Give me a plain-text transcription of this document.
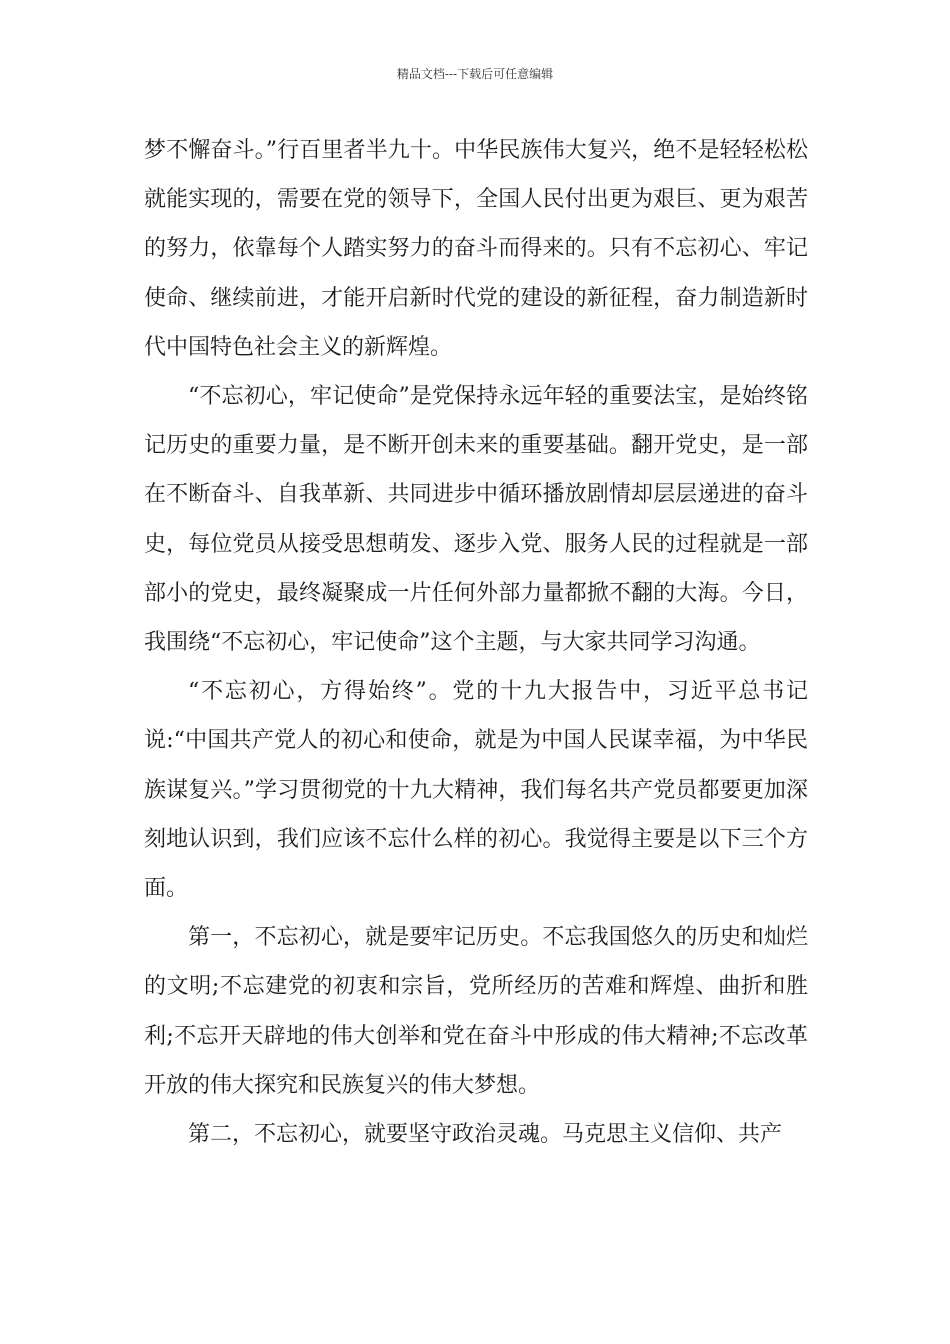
精品文档---下载后可任意编辑

梦不懈奋斗。”行百里者半九十。中华民族伟大复兴，绝不是轻轻松松就能实现的，需要在党的领导下，全国人民付出更为艰巨、更为艰苦的努力，依靠每个人踏实努力的奋斗而得来的。只有不忘初心、牢记使命、继续前进，才能开启新时代党的建设的新征程，奋力制造新时代中国特色社会主义的新辉煌。

“不忘初心，牢记使命”是党保持永远年轻的重要法宝，是始终铭记历史的重要力量，是不断开创未来的重要基础。翻开党史，是一部在不断奋斗、自我革新、共同进步中循环播放剧情却层层递进的奋斗史，每位党员从接受思想萌发、逐步入党、服务人民的过程就是一部部小的党史，最终凝聚成一片任何外部力量都掀不翻的大海。今日，我围绕“不忘初心，牢记使命”这个主题，与大家共同学习沟通。

“不忘初心，方得始终”。党的十九大报告中，习近平总书记说:“中国共产党人的初心和使命，就是为中国人民谋幸福，为中华民族谋复兴。”学习贯彻党的十九大精神，我们每名共产党员都要更加深刻地认识到，我们应该不忘什么样的初心。我觉得主要是以下三个方面。

第一，不忘初心，就是要牢记历史。不忘我国悠久的历史和灿烂的文明;不忘建党的初衷和宗旨，党所经历的苦难和辉煌、曲折和胜利;不忘开天辟地的伟大创举和党在奋斗中形成的伟大精神;不忘改革开放的伟大探究和民族复兴的伟大梦想。

第二，不忘初心，就要坚守政治灵魂。马克思主义信仰、共产
